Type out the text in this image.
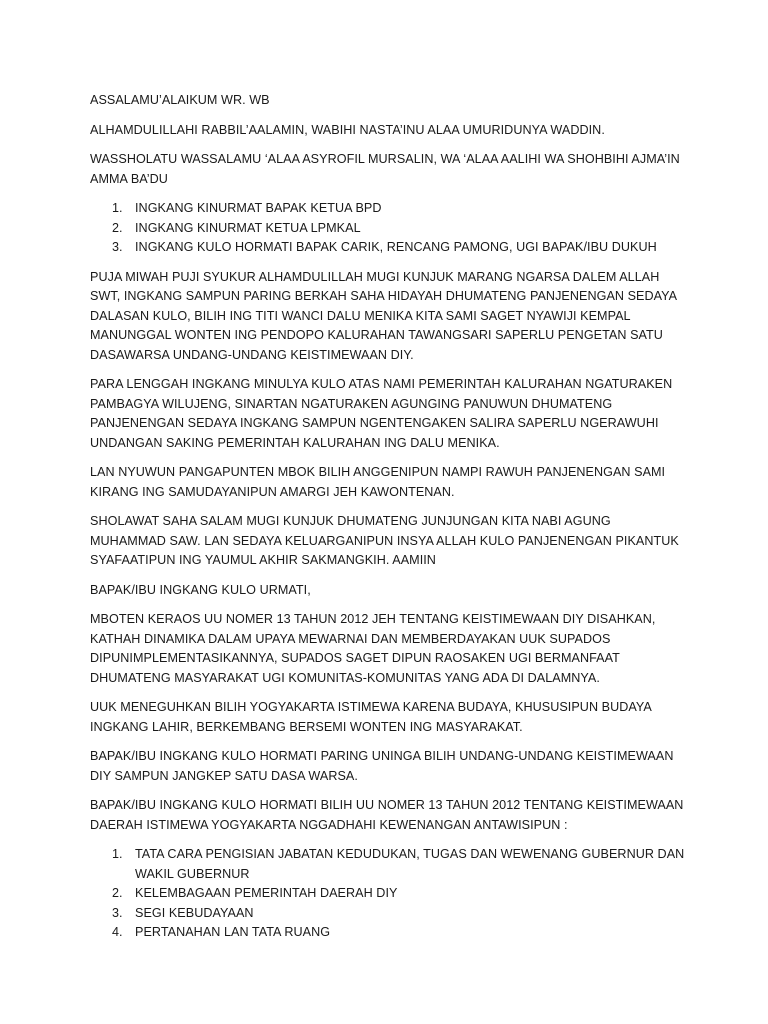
ASSALAMU’ALAIKUM WR. WB

ALHAMDULILLAHI RABBIL’AALAMIN, WABIHI NASTA’INU ALAA UMURIDUNYA WADDIN.

WASSHOLATU WASSALAMU ‘ALAA ASYROFIL MURSALIN, WA ‘ALAA AALIHI WA SHOHBIHI AJMA’IN AMMA BA’DU

1. INGKANG KINURMAT BAPAK KETUA BPD
2. INGKANG KINURMAT KETUA LPMKAL
3. INGKANG KULO HORMATI BAPAK CARIK, RENCANG PAMONG, UGI BAPAK/IBU DUKUH

PUJA MIWAH PUJI SYUKUR ALHAMDULILLAH MUGI KUNJUK MARANG NGARSA DALEM ALLAH SWT, INGKANG SAMPUN PARING BERKAH SAHA HIDAYAH DHUMATENG PANJENENGAN SEDAYA DALASAN KULO, BILIH ING TITI WANCI DALU MENIKA KITA SAMI SAGET NYAWIJI KEMPAL MANUNGGAL WONTEN ING PENDOPO KALURAHAN TAWANGSARI SAPERLU PENGETAN SATU DASAWARSA UNDANG-UNDANG KEISTIMEWAAN DIY.

PARA LENGGAH INGKANG MINULYA KULO ATAS NAMI PEMERINTAH KALURAHAN NGATURAKEN PAMBAGYA WILUJENG, SINARTAN NGATURAKEN AGUNGING PANUWUN DHUMATENG PANJENENGAN SEDAYA INGKANG SAMPUN NGENTENGAKEN SALIRA SAPERLU NGERAWUHI UNDANGAN SAKING PEMERINTAH KALURAHAN ING DALU MENIKA.

LAN NYUWUN PANGAPUNTEN MBOK BILIH ANGGENIPUN NAMPI RAWUH PANJENENGAN SAMI KIRANG ING SAMUDAYANIPUN AMARGI JEH KAWONTENAN.

SHOLAWAT SAHA SALAM MUGI KUNJUK DHUMATENG JUNJUNGAN KITA NABI AGUNG MUHAMMAD SAW. LAN SEDAYA KELUARGANIPUN INSYA ALLAH KULO PANJENENGAN PIKANTUK SYAFAATIPUN ING YAUMUL AKHIR SAKMANGKIH. AAMIIN

BAPAK/IBU INGKANG KULO URMATI,

MBOTEN KERAOS UU NOMER 13 TAHUN 2012 JEH TENTANG KEISTIMEWAAN DIY DISAHKAN, KATHAH DINAMIKA DALAM UPAYA MEWARNAI DAN MEMBERDAYAKAN UUK SUPADOS DIPUNIMPLEMENTASIKANNYA, SUPADOS SAGET DIPUN RAOSAKEN UGI BERMANFAAT DHUMATENG MASYARAKAT UGI KOMUNITAS-KOMUNITAS YANG ADA DI DALAMNYA.

UUK MENEGUHKAN BILIH YOGYAKARTA ISTIMEWA KARENA BUDAYA, KHUSUSIPUN BUDAYA INGKANG LAHIR, BERKEMBANG BERSEMI WONTEN ING MASYARAKAT.

BAPAK/IBU INGKANG KULO HORMATI PARING UNINGA BILIH UNDANG-UNDANG KEISTIMEWAAN DIY SAMPUN JANGKEP SATU DASA WARSA.

BAPAK/IBU INGKANG KULO HORMATI BILIH UU NOMER 13 TAHUN 2012 TENTANG KEISTIMEWAAN DAERAH ISTIMEWA YOGYAKARTA NGGADHAHI KEWENANGAN ANTAWISIPUN :

1. TATA CARA PENGISIAN JABATAN KEDUDUKAN, TUGAS DAN WEWENANG GUBERNUR DAN WAKIL GUBERNUR
2. KELEMBAGAAN PEMERINTAH DAERAH DIY
3. SEGI KEBUDAYAAN
4. PERTANAHAN LAN TATA RUANG
